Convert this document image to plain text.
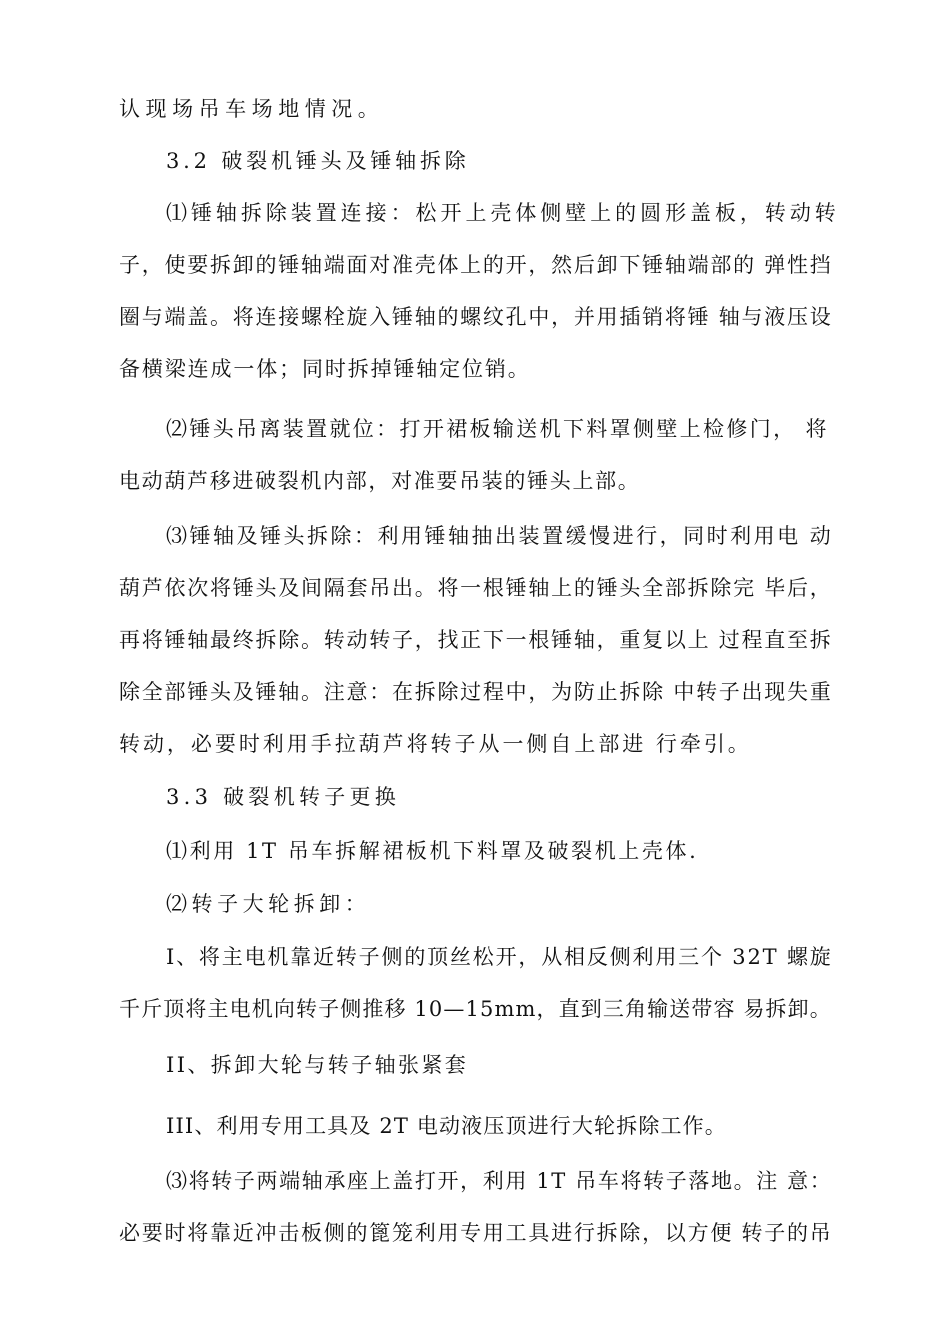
认现场吊车场地情况。
3.2 破裂机锤头及锤轴拆除
⑴锤轴拆除装置连接：松开上壳体侧壁上的圆形盖板，转动转
子，使要拆卸的锤轴端面对准壳体上的开，然后卸下锤轴端部的 弹性挡
圈与端盖。将连接螺栓旋入锤轴的螺纹孔中，并用插销将锤 轴与液压设
备横梁连成一体；同时拆掉锤轴定位销。
⑵锤头吊离装置就位：打开裙板输送机下料罩侧壁上检修门， 将
电动葫芦移进破裂机内部，对准要吊装的锤头上部。
⑶锤轴及锤头拆除：利用锤轴抽出装置缓慢进行，同时利用电 动
葫芦依次将锤头及间隔套吊出。将一根锤轴上的锤头全部拆除完 毕后，
再将锤轴最终拆除。转动转子，找正下一根锤轴，重复以上 过程直至拆
除全部锤头及锤轴。注意：在拆除过程中，为防止拆除 中转子出现失重
转动，必要时利用手拉葫芦将转子从一侧自上部进 行牵引。
3.3 破裂机转子更换
⑴利用 1T 吊车拆解裙板机下料罩及破裂机上壳体.
⑵转子大轮拆卸：
I、将主电机靠近转子侧的顶丝松开，从相反侧利用三个 32T 螺旋
千斤顶将主电机向转子侧推移 10—15mm，直到三角输送带容 易拆卸。
II、拆卸大轮与转子轴张紧套
III、利用专用工具及 2T 电动液压顶进行大轮拆除工作。
⑶将转子两端轴承座上盖打开，利用 1T 吊车将转子落地。注 意：
必要时将靠近冲击板侧的篦笼利用专用工具进行拆除，以方便 转子的吊
